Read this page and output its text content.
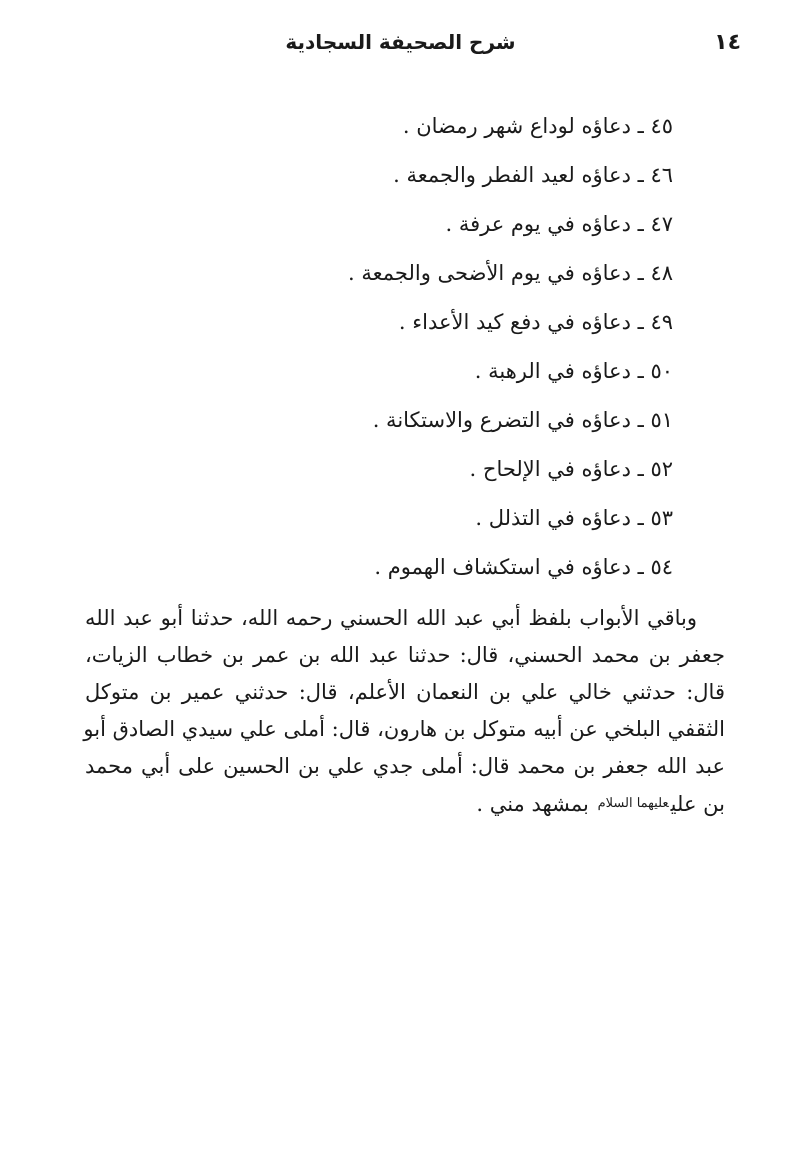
١٤
شرح الصحيفة السجادية
٤٥ ـ دعاؤه لوداع شهر رمضان .
٤٦ ـ دعاؤه لعيد الفطر والجمعة .
٤٧ ـ دعاؤه في يوم عرفة .
٤٨ ـ دعاؤه في يوم الأضحى والجمعة .
٤٩ ـ دعاؤه في دفع كيد الأعداء .
٥٠ ـ دعاؤه في الرهبة .
٥١ ـ دعاؤه في التضرع والاستكانة .
٥٢ ـ دعاؤه في الإلحاح .
٥٣ ـ دعاؤه في التذلل .
٥٤ ـ دعاؤه في استكشاف الهموم .

وباقي الأبواب بلفظ أبي عبد الله الحسني رحمه الله، حدثنا أبو عبد الله
جعفر بن محمد الحسني، قال: حدثنا عبد الله بن عمر بن خطاب الزيات،
قال: حدثني خالي علي بن النعمان الأعلم، قال: حدثني عمير بن متوكل
الثقفي البلخي عن أبيه متوكل بن هارون، قال: أملى علي سيدي الصادق أبو
عبد الله جعفر بن محمد قال: أملى جدي علي بن الحسين على أبي محمد
بن عليعليهما السلام بمشهد مني .
